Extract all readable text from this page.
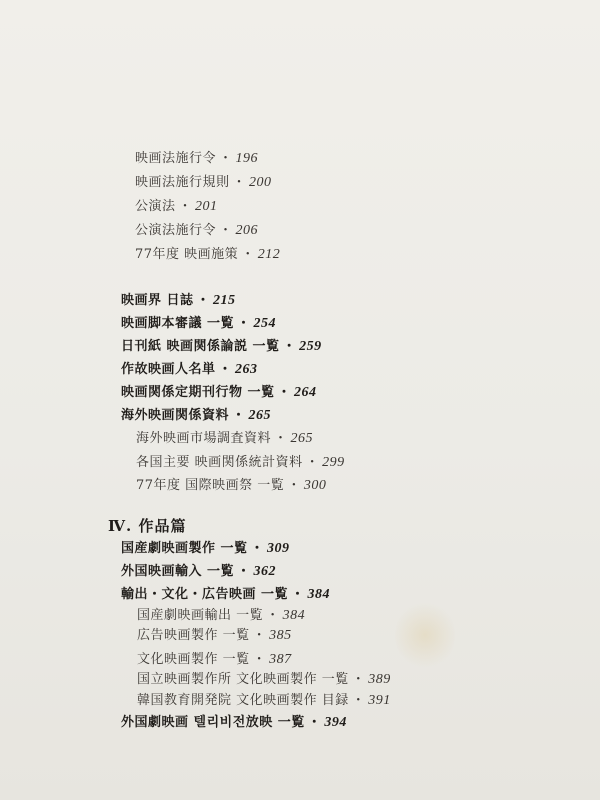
映画法施行令 ・ 196
映画法施行規則 ・ 200
公演法 ・ 201
公演法施行令 ・ 206
77年度 映画施策 ・ 212
映画界 日誌 ・ 215
映画脚本審議 一覧 ・ 254
日刊紙 映画関係論説 一覧 ・ 259
作故映画人名単 ・ 263
映画関係定期刊行物 一覧 ・ 264
海外映画関係資料 ・ 265
海外映画市場調査資料 ・ 265
各国主要 映画関係統計資料 ・ 299
77年度 国際映画祭 一覧 ・ 300
Ⅳ. 作品篇
国産劇映画製作 一覧 ・ 309
外国映画輸入 一覧 ・ 362
輸出・文化・広告映画 一覧 ・ 384
国産劇映画輸出 一覧 ・ 384
広告映画製作 一覧 ・ 385
文化映画製作 一覧 ・ 387
国立映画製作所 文化映画製作 一覧 ・ 389
韓国教育開発院 文化映画製作 目録 ・ 391
外国劇映画 텔리비전放映 一覧 ・ 394
